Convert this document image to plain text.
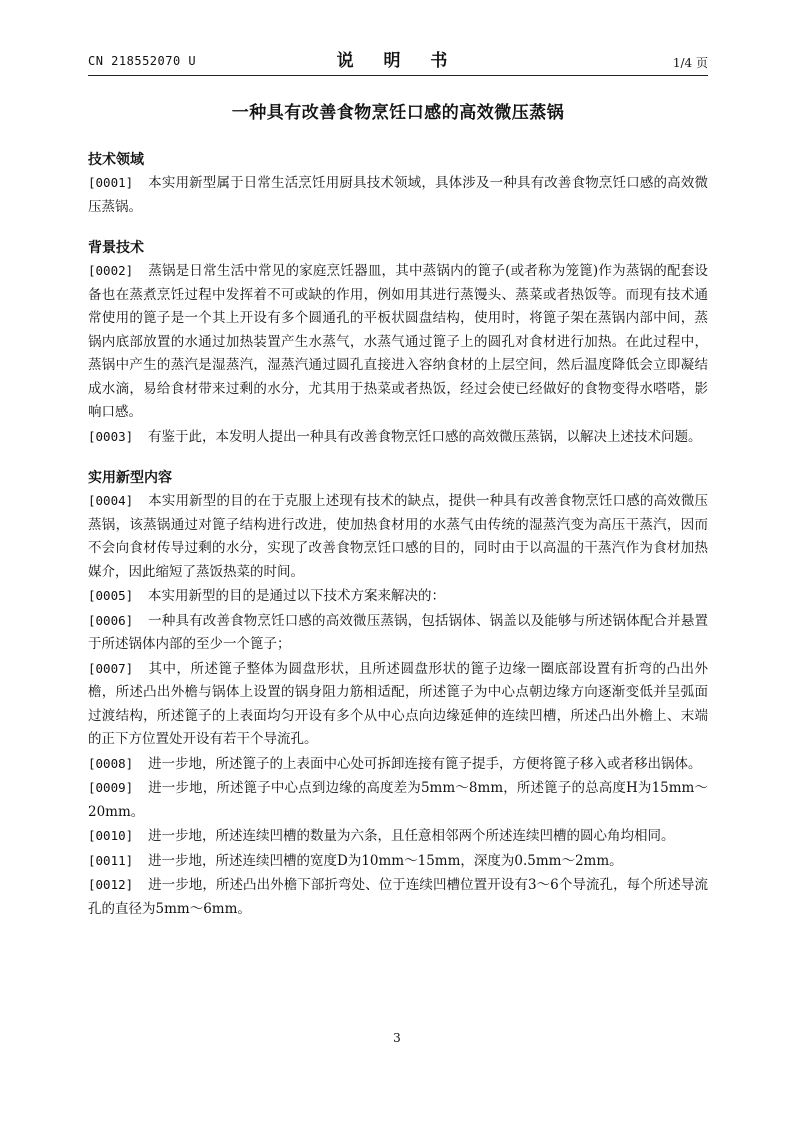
CN 218552070 U	说 明 书	1/4 页
一种具有改善食物烹饪口感的高效微压蒸锅
技术领域
[0001] 本实用新型属于日常生活烹饪用厨具技术领域，具体涉及一种具有改善食物烹饪口感的高效微压蒸锅。
背景技术
[0002] 蒸锅是日常生活中常见的家庭烹饪器皿，其中蒸锅内的篦子(或者称为笼篦)作为蒸锅的配套设备也在蒸煮烹饪过程中发挥着不可或缺的作用，例如用其进行蒸馒头、蒸菜或者热饭等。而现有技术通常使用的篦子是一个其上开设有多个圆通孔的平板状圆盘结构，使用时，将篦子架在蒸锅内部中间，蒸锅内底部放置的水通过加热装置产生水蒸气，水蒸气通过篦子上的圆孔对食材进行加热。在此过程中，蒸锅中产生的蒸汽是湿蒸汽，湿蒸汽通过圆孔直接进入容纳食材的上层空间，然后温度降低会立即凝结成水滴，易给食材带来过剩的水分，尤其用于热菜或者热饭，经过会使已经做好的食物变得水嗒嗒，影响口感。
[0003] 有鉴于此，本发明人提出一种具有改善食物烹饪口感的高效微压蒸锅，以解决上述技术问题。
实用新型内容
[0004] 本实用新型的目的在于克服上述现有技术的缺点，提供一种具有改善食物烹饪口感的高效微压蒸锅，该蒸锅通过对篦子结构进行改进，使加热食材用的水蒸气由传统的湿蒸汽变为高压干蒸汽，因而不会向食材传导过剩的水分，实现了改善食物烹饪口感的目的，同时由于以高温的干蒸汽作为食材加热媒介，因此缩短了蒸饭热菜的时间。
[0005] 本实用新型的目的是通过以下技术方案来解决的：
[0006] 一种具有改善食物烹饪口感的高效微压蒸锅，包括锅体、锅盖以及能够与所述锅体配合并悬置于所述锅体内部的至少一个篦子；
[0007] 其中，所述篦子整体为圆盘形状，且所述圆盘形状的篦子边缘一圈底部设置有折弯的凸出外檐，所述凸出外檐与锅体上设置的锅身阻力筋相适配，所述篦子为中心点朝边缘方向逐渐变低并呈弧面过渡结构，所述篦子的上表面均匀开设有多个从中心点向边缘延伸的连续凹槽，所述凸出外檐上、末端的正下方位置处开设有若干个导流孔。
[0008] 进一步地，所述篦子的上表面中心处可拆卸连接有篦子提手，方便将篦子移入或者移出锅体。
[0009] 进一步地，所述篦子中心点到边缘的高度差为5mm～8mm，所述篦子的总高度H为15mm～20mm。
[0010] 进一步地，所述连续凹槽的数量为六条，且任意相邻两个所述连续凹槽的圆心角均相同。
[0011] 进一步地，所述连续凹槽的宽度D为10mm～15mm，深度为0.5mm～2mm。
[0012] 进一步地，所述凸出外檐下部折弯处、位于连续凹槽位置开设有3～6个导流孔，每个所述导流孔的直径为5mm～6mm。
3
